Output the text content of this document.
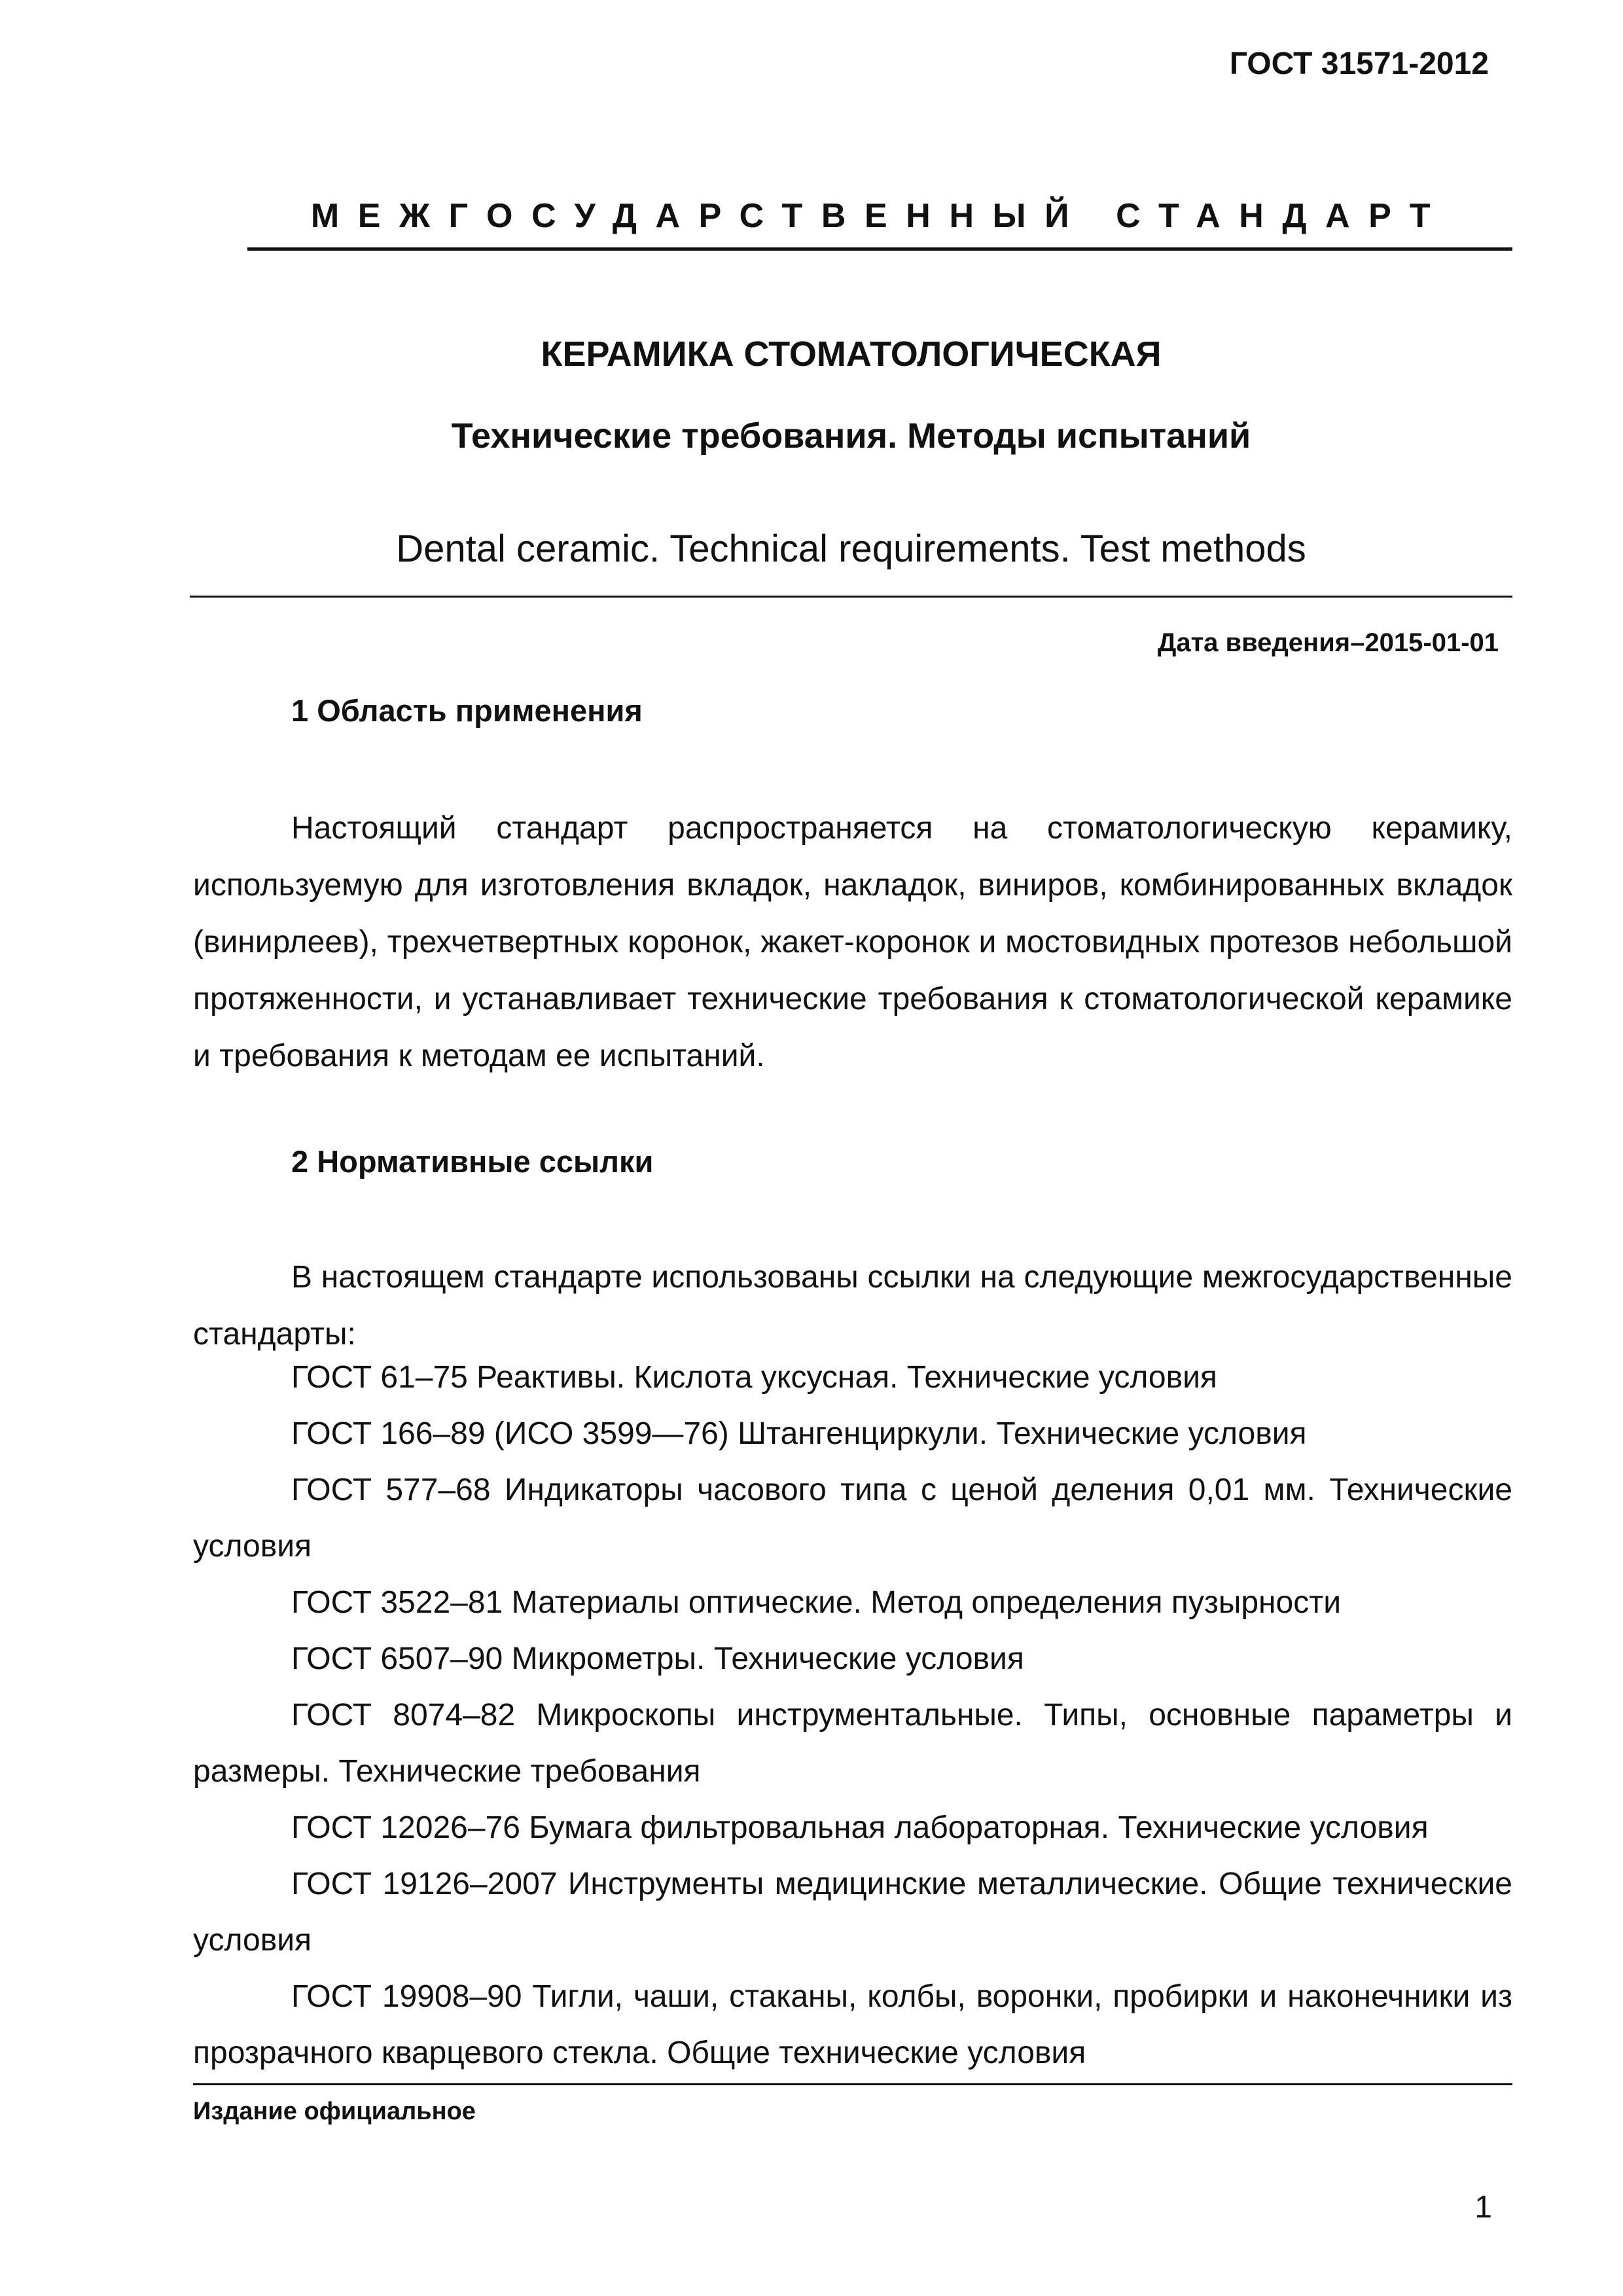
ГОСТ 31571-2012
МЕЖГОСУДАРСТВЕННЫЙ СТАНДАРТ
КЕРАМИКА СТОМАТОЛОГИЧЕСКАЯ
Технические требования. Методы испытаний
Dental ceramic. Technical requirements. Test methods
Дата введения–2015-01-01
1 Область применения
Настоящий стандарт распространяется на стоматологическую керамику, используемую для изготовления вкладок, накладок, виниров, комбинированных вкладок (винирлеев), трехчетвертных коронок, жакет-коронок и мостовидных протезов небольшой протяженности, и устанавливает технические требования к стоматологической керамике и требования к методам ее испытаний.
2 Нормативные ссылки
В настоящем стандарте использованы ссылки на следующие межгосударственные стандарты:
ГОСТ 61–75 Реактивы. Кислота уксусная. Технические условия
ГОСТ 166–89 (ИСО 3599—76) Штангенциркули. Технические условия
ГОСТ 577–68 Индикаторы часового типа с ценой деления 0,01 мм. Технические условия
ГОСТ 3522–81 Материалы оптические. Метод определения пузырности
ГОСТ 6507–90 Микрометры. Технические условия
ГОСТ 8074–82 Микроскопы инструментальные. Типы, основные параметры и размеры. Технические требования
ГОСТ 12026–76 Бумага фильтровальная лабораторная. Технические условия
ГОСТ 19126–2007 Инструменты медицинские металлические. Общие технические условия
ГОСТ 19908–90 Тигли, чаши, стаканы, колбы, воронки, пробирки и наконечники из прозрачного кварцевого стекла. Общие технические условия
Издание официальное
1
